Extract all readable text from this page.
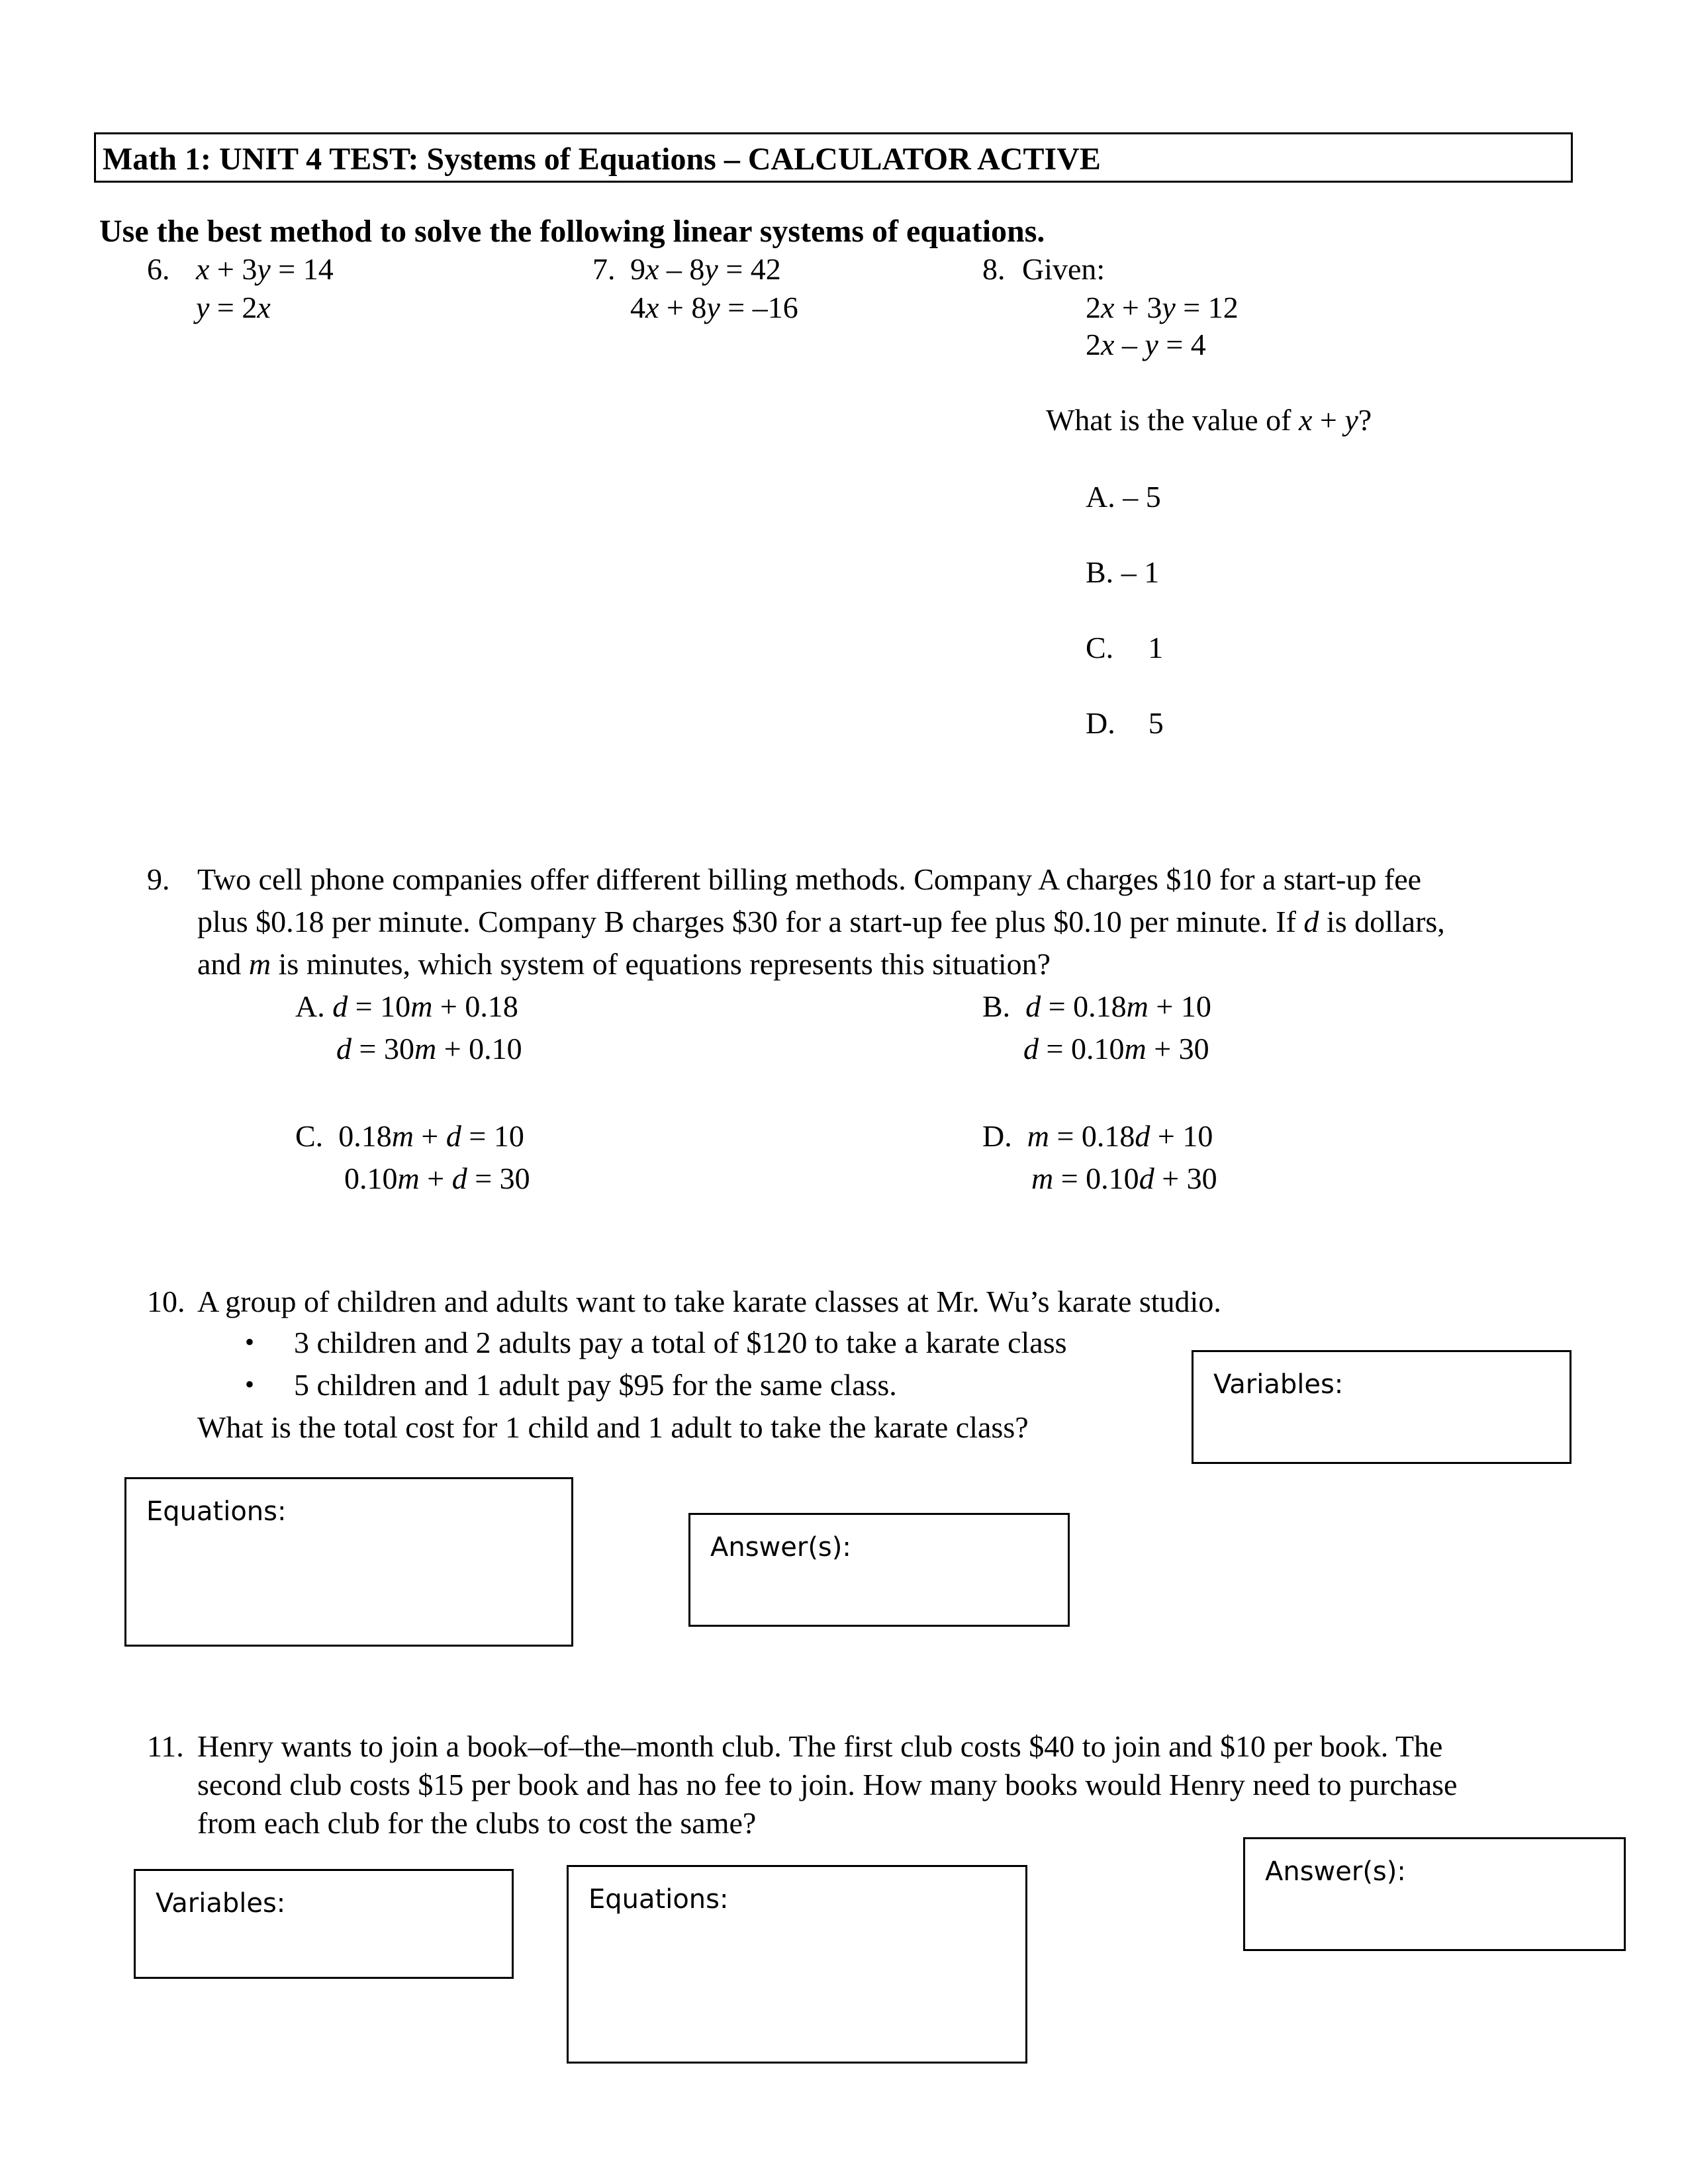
Math 1: UNIT 4 TEST: Systems of Equations – CALCULATOR ACTIVE
Use the best method to solve the following linear systems of equations.
6. x + 3y = 14
y = 2x
7. 9x – 8y = 42
4x + 8y = –16
8. Given:
2x + 3y = 12
2x – y = 4
What is the value of x + y?
A. – 5
B. – 1
C. 1
D. 5
9. Two cell phone companies offer different billing methods. Company A charges $10 for a start-up fee
plus $0.18 per minute. Company B charges $30 for a start-up fee plus $0.10 per minute. If d is dollars,
and m is minutes, which system of equations represents this situation?
A. d = 10m + 0.18
d = 30m + 0.10
B. d = 0.18m + 10
d = 0.10m + 30
C. 0.18m + d = 10
0.10m + d = 30
D. m = 0.18d + 10
m = 0.10d + 30
10. A group of children and adults want to take karate classes at Mr. Wu’s karate studio.
• 3 children and 2 adults pay a total of $120 to take a karate class
• 5 children and 1 adult pay $95 for the same class.
What is the total cost for 1 child and 1 adult to take the karate class?
Variables:
Equations:
Answer(s):
11. Henry wants to join a book–of–the–month club. The first club costs $40 to join and $10 per book. The
second club costs $15 per book and has no fee to join. How many books would Henry need to purchase
from each club for the clubs to cost the same?
Variables:	Equations:
Answer(s):
